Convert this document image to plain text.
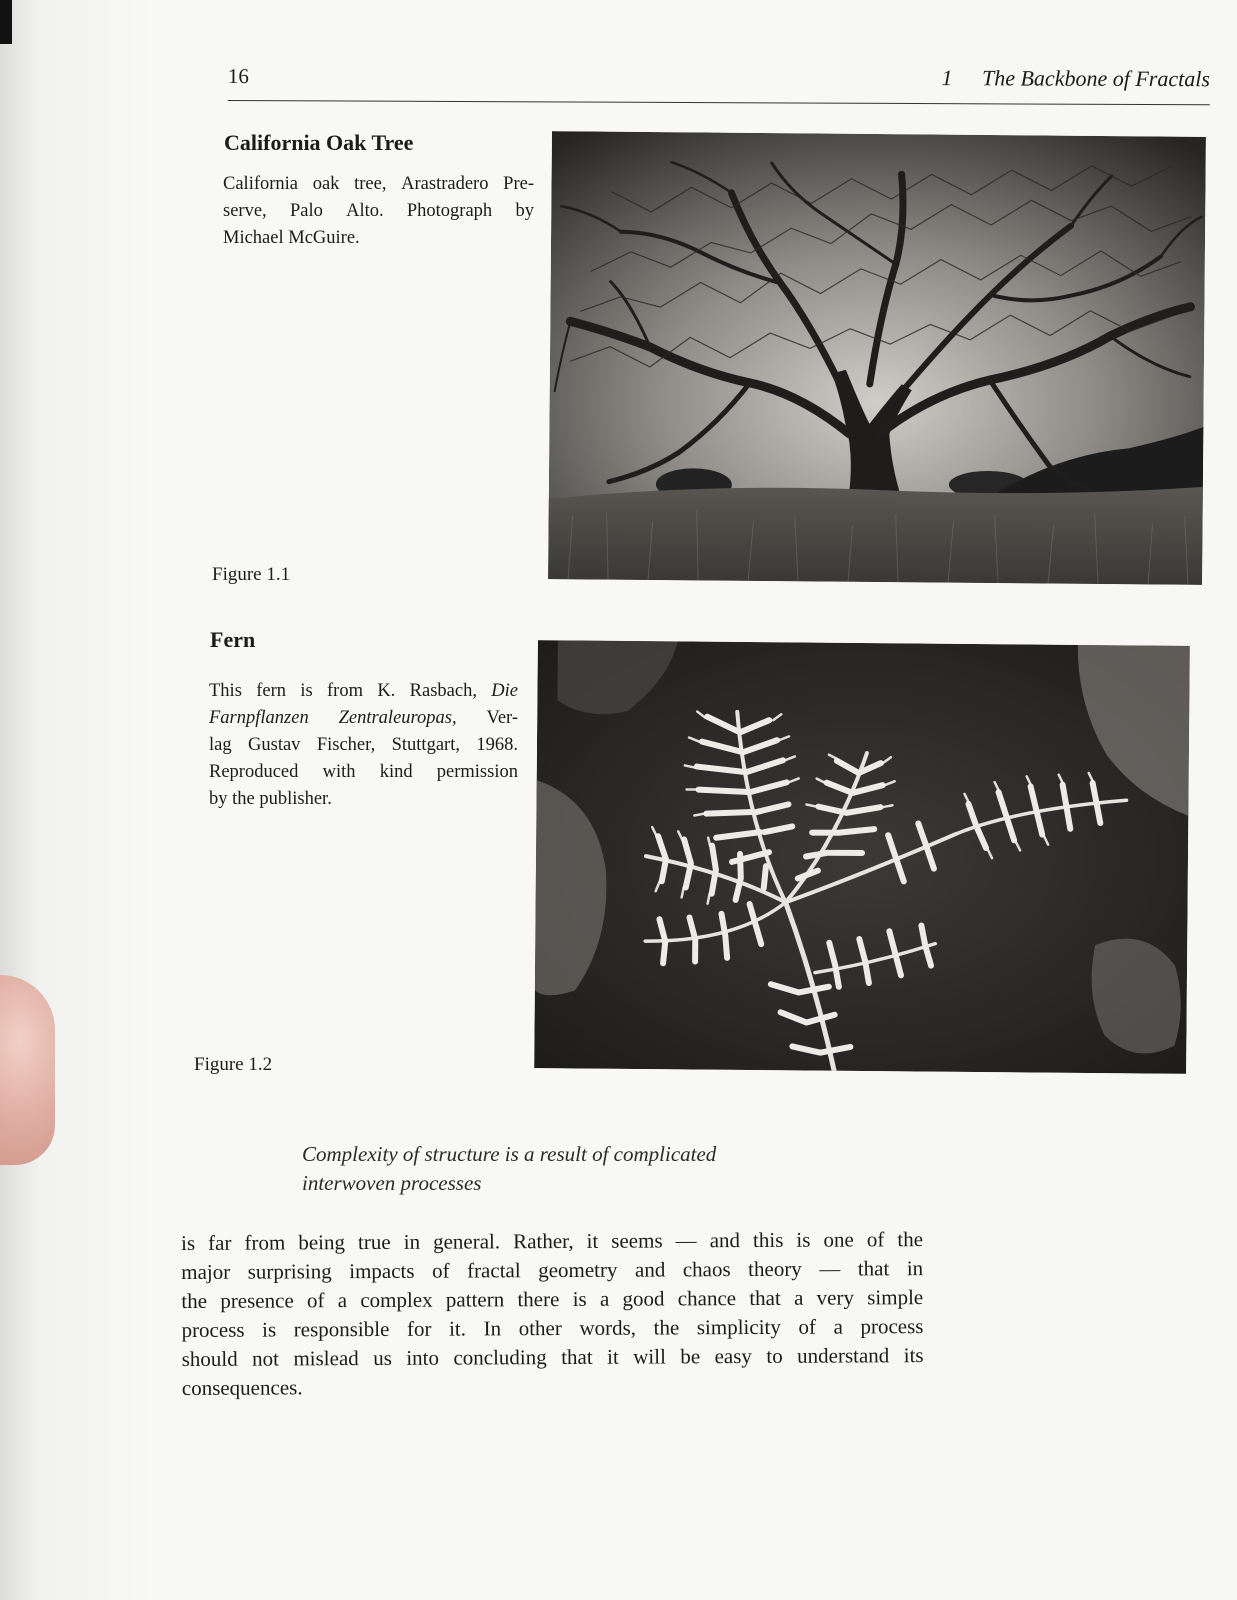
16	1 The Backbone of Fractals
California Oak Tree
California oak tree, Arastradero Pre-
serve, Palo Alto. Photograph by
Michael McGuire.
Figure 1.1
Fern
This fern is from K. Rasbach, Die
Farnpflanzen Zentraleuropas, Ver-
lag Gustav Fischer, Stuttgart, 1968.
Reproduced with kind permission
by the publisher.
Figure 1.2
Complexity of structure is a result of complicated
interwoven processes
is far from being true in general. Rather, it seems — and this is one of the
major surprising impacts of fractal geometry and chaos theory — that in
the presence of a complex pattern there is a good chance that a very simple
process is responsible for it. In other words, the simplicity of a process
should not mislead us into concluding that it will be easy to understand its
consequences.
